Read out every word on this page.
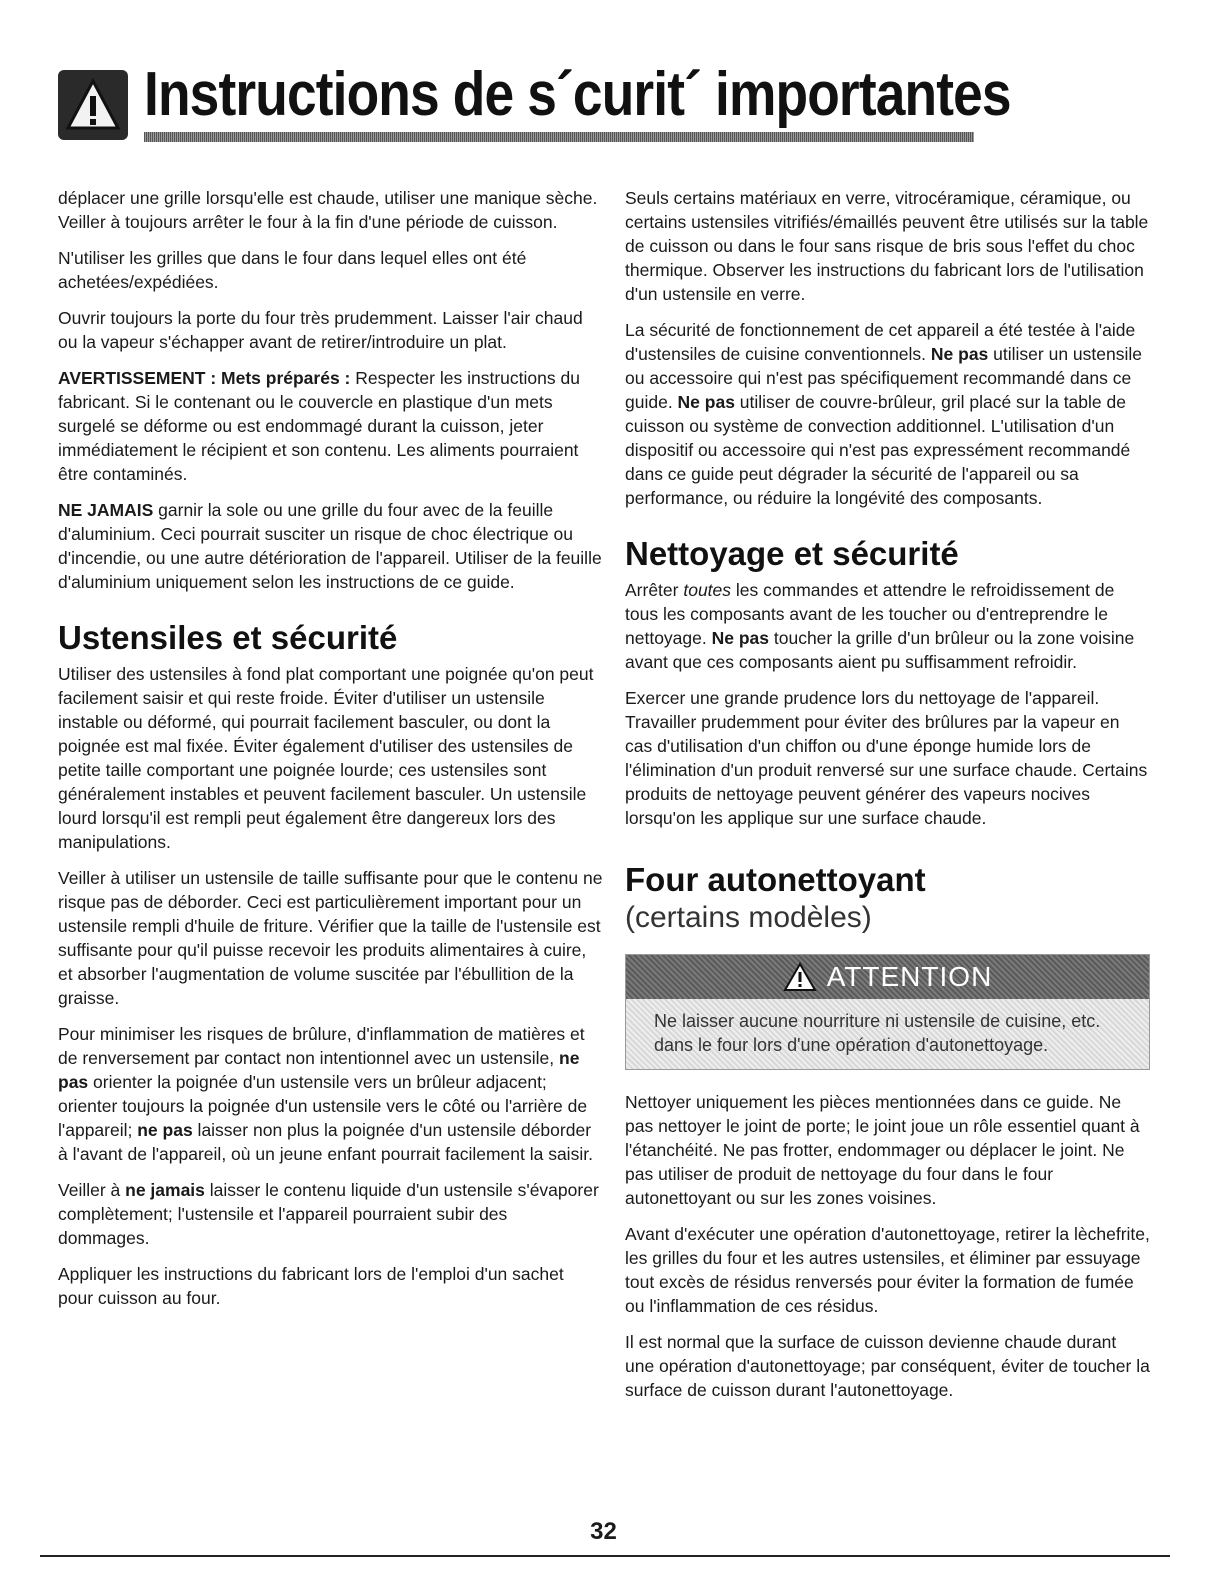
Instructions de s´curit´ importantes

déplacer une grille lorsqu'elle est chaude, utiliser une manique sèche. Veiller à toujours arrêter le four à la fin d'une période de cuisson.

N'utiliser les grilles que dans le four dans lequel elles ont été achetées/expédiées.

Ouvrir toujours la porte du four très prudemment. Laisser l'air chaud ou la vapeur s'échapper avant de retirer/introduire un plat.

AVERTISSEMENT : Mets préparés : Respecter les instructions du fabricant. Si le contenant ou le couvercle en plastique d'un mets surgelé se déforme ou est endommagé durant la cuisson, jeter immédiatement le récipient et son contenu. Les aliments pourraient être contaminés.

NE JAMAIS garnir la sole ou une grille du four avec de la feuille d'aluminium. Ceci pourrait susciter un risque de choc électrique ou d'incendie, ou une autre détérioration de l'appareil. Utiliser de la feuille d'aluminium uniquement selon les instructions de ce guide.

Ustensiles et sécurité

Utiliser des ustensiles à fond plat comportant une poignée qu'on peut facilement saisir et qui reste froide. Éviter d'utiliser un ustensile instable ou déformé, qui pourrait facilement basculer, ou dont la poignée est mal fixée. Éviter également d'utiliser des ustensiles de petite taille comportant une poignée lourde; ces ustensiles sont généralement instables et peuvent facilement basculer. Un ustensile lourd lorsqu'il est rempli peut également être dangereux lors des manipulations.

Veiller à utiliser un ustensile de taille suffisante pour que le contenu ne risque pas de déborder. Ceci est particulièrement important pour un ustensile rempli d'huile de friture. Vérifier que la taille de l'ustensile est suffisante pour qu'il puisse recevoir les produits alimentaires à cuire, et absorber l'augmentation de volume suscitée par l'ébullition de la graisse.

Pour minimiser les risques de brûlure, d'inflammation de matières et de renversement par contact non intentionnel avec un ustensile, ne pas orienter la poignée d'un ustensile vers un brûleur adjacent; orienter toujours la poignée d'un ustensile vers le côté ou l'arrière de l'appareil; ne pas laisser non plus la poignée d'un ustensile déborder à l'avant de l'appareil, où un jeune enfant pourrait facilement la saisir.

Veiller à ne jamais laisser le contenu liquide d'un ustensile s'évaporer complètement; l'ustensile et l'appareil pourraient subir des dommages.

Appliquer les instructions du fabricant lors de l'emploi d'un sachet pour cuisson au four.

Seuls certains matériaux en verre, vitrocéramique, céramique, ou certains ustensiles vitrifiés/émaillés peuvent être utilisés sur la table de cuisson ou dans le four sans risque de bris sous l'effet du choc thermique. Observer les instructions du fabricant lors de l'utilisation d'un ustensile en verre.

La sécurité de fonctionnement de cet appareil a été testée à l'aide d'ustensiles de cuisine conventionnels. Ne pas utiliser un ustensile ou accessoire qui n'est pas spécifiquement recommandé dans ce guide. Ne pas utiliser de couvre-brûleur, gril placé sur la table de cuisson ou système de convection additionnel. L'utilisation d'un dispositif ou accessoire qui n'est pas expressément recommandé dans ce guide peut dégrader la sécurité de l'appareil ou sa performance, ou réduire la longévité des composants.

Nettoyage et sécurité

Arrêter toutes les commandes et attendre le refroidissement de tous les composants avant de les toucher ou d'entreprendre le nettoyage. Ne pas toucher la grille d'un brûleur ou la zone voisine avant que ces composants aient pu suffisamment refroidir.

Exercer une grande prudence lors du nettoyage de l'appareil. Travailler prudemment pour éviter des brûlures par la vapeur en cas d'utilisation d'un chiffon ou d'une éponge humide lors de l'élimination d'un produit renversé sur une surface chaude. Certains produits de nettoyage peuvent générer des vapeurs nocives lorsqu'on les applique sur une surface chaude.

Four autonettoyant
(certains modèles)
ATTENTION
Ne laisser aucune nourriture ni ustensile de cuisine, etc. dans le four lors d'une opération d'autonettoyage.

Nettoyer uniquement les pièces mentionnées dans ce guide. Ne pas nettoyer le joint de porte; le joint joue un rôle essentiel quant à l'étanchéité. Ne pas frotter, endommager ou déplacer le joint. Ne pas utiliser de produit de nettoyage du four dans le four autonettoyant ou sur les zones voisines.

Avant d'exécuter une opération d'autonettoyage, retirer la lèchefrite, les grilles du four et les autres ustensiles, et éliminer par essuyage tout excès de résidus renversés pour éviter la formation de fumée ou l'inflammation de ces résidus.

Il est normal que la surface de cuisson devienne chaude durant une opération d'autonettoyage; par conséquent, éviter de toucher la surface de cuisson durant l'autonettoyage.

32
